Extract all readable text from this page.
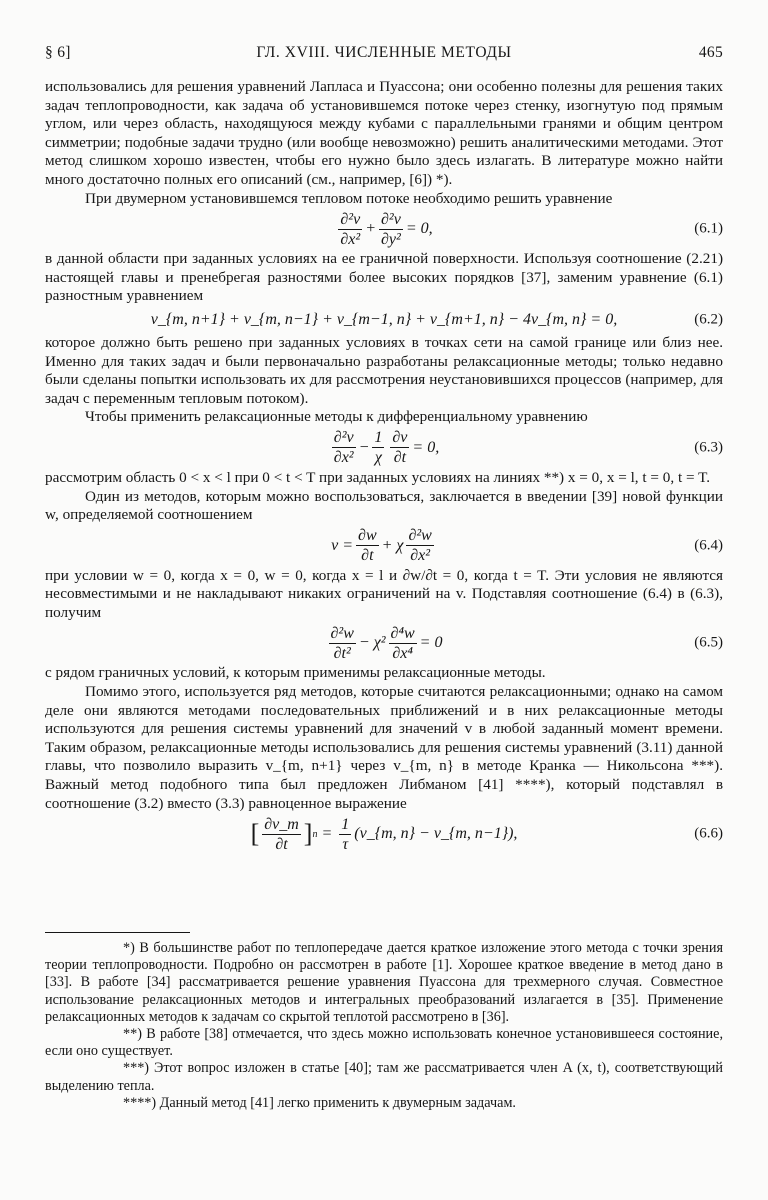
§ 6]	ГЛ. XVIII. ЧИСЛЕННЫЕ МЕТОДЫ	465

использовались для решения уравнений Лапласа и Пуассона; они особенно полезны для решения таких задач теплопроводности, как задача об установившемся потоке через стенку, изогнутую под прямым углом, или через область, находящуюся между кубами с параллельными гранями и общим центром симметрии; подобные задачи трудно (или вообще невозможно) решить аналитическими методами. Этот метод слишком хорошо известен, чтобы его нужно было здесь излагать. В литературе можно найти много достаточно полных его описаний (см., например, [6]) *).

При двумерном установившемся тепловом потоке необходимо решить уравнение

$\frac{\text{∂²v}}{\text{∂x²}} + \frac{\text{∂²v}}{\text{∂y²}} = 0$,	(6.1)

в данной области при заданных условиях на ее граничной поверхности. Используя соотношение (2.21) настоящей главы и пренебрегая разностями более высоких порядков [37], заменим уравнение (6.1) разностным уравнением

v_{m, n+1} + v_{m, n−1} + v_{m−1, n} + v_{m+1, n} − 4v_{m, n} = 0,	(6.2)

которое должно быть решено при заданных условиях в точках сети на самой границе или близ нее. Именно для таких задач и были первоначально разработаны релаксационные методы; только недавно были сделаны попытки использовать их для рассмотрения неустановившихся процессов (например, для задач с переменным тепловым потоком).

Чтобы применить релаксационные методы к дифференциальному уравнению

$\frac{\text{∂²v}}{\text{∂x²}} - \frac{1}{\chi} \frac{\partial v}{\partial t} = 0$,	(6.3)

рассмотрим область 0 < x < l при 0 < t < T при заданных условиях на линиях **) x = 0, x = l, t = 0, t = T.

Один из методов, которым можно воспользоваться, заключается в введении [39] новой функции w, определяемой соотношением

$v = \frac{\partial w}{\partial t} + \chi \frac{\text{∂²w}}{\text{∂x²}}$	(6.4)

при условии w = 0, когда x = 0, w = 0, когда x = l и ∂w/∂t = 0, когда t = T. Эти условия не являются несовместимыми и не накладывают никаких ограничений на v. Подставляя соотношение (6.4) в (6.3), получим

$\frac{\text{∂²w}}{\text{∂t²}} - \chi^2 \frac{\text{∂⁴w}}{\text{∂x⁴}} = 0$	(6.5)

с рядом граничных условий, к которым применимы релаксационные методы.

Помимо этого, используется ряд методов, которые считаются релаксационными; однако на самом деле они являются методами последовательных приближений и в них релаксационные методы используются для решения системы уравнений для значений v в любой заданный момент времени. Таким образом, релаксационные методы использовались для решения системы уравнений (3.11) данной главы, что позволило выразить v_{m, n+1} через v_{m, n} в методе Кранка — Никольсона ***). Важный метод подобного типа был предложен Либманом [41] ****), который подставлял в соотношение (3.2) вместо (3.3) равноценное выражение

[ $\frac{\partial v\_m}{\partial t}$ ] $n = \frac{1}{\tau}$ (v_{m, n} − v_{m, n−1}),	(6.6)

*) В большинстве работ по теплопередаче дается краткое изложение этого метода с точки зрения теории теплопроводности. Подробно он рассмотрен в работе [1]. Хорошее краткое введение в метод дано в [33]. В работе [34] рассматривается решение уравнения Пуассона для трехмерного случая. Совместное использование релаксационных методов и интегральных преобразований излагается в [35]. Применение релаксационных методов к задачам со скрытой теплотой рассмотрено в [36].

**) В работе [38] отмечается, что здесь можно использовать конечное установившееся состояние, если оно существует.

***) Этот вопрос изложен в статье [40]; там же рассматривается член A (x, t), соответствующий выделению тепла.

****) Данный метод [41] легко применить к двумерным задачам.
